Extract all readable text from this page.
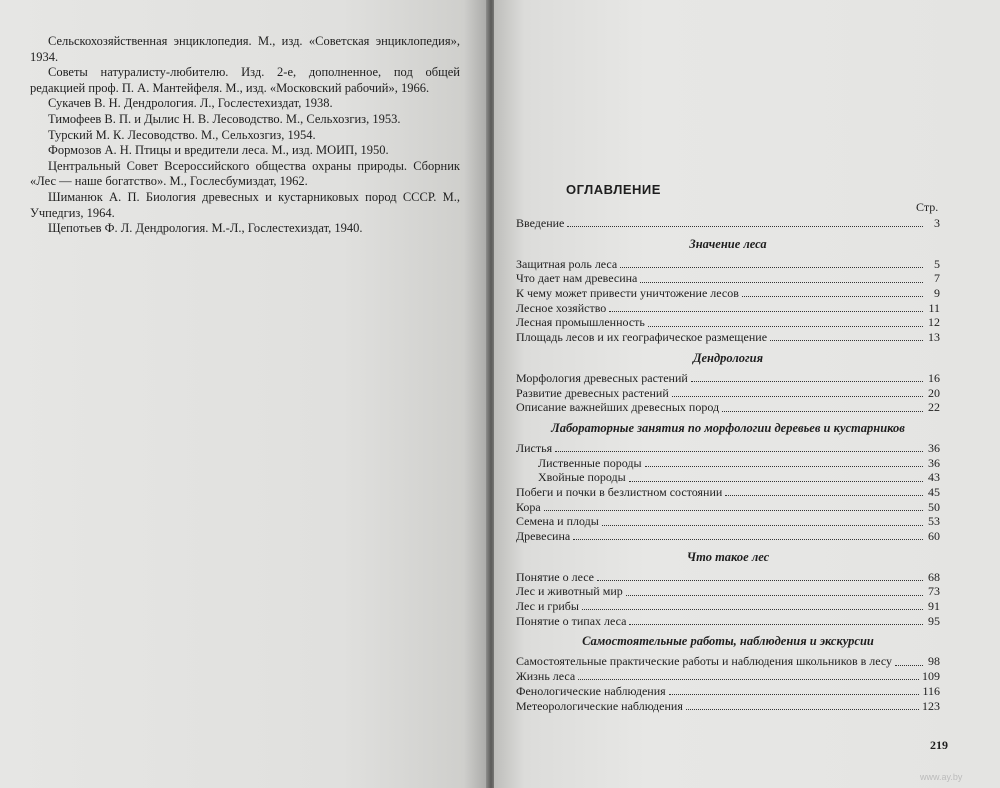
Сельскохозяйственная энциклопедия. М., изд. «Советская энциклопедия», 1934.

Советы натуралисту-любителю. Изд. 2-е, дополненное, под общей редакцией проф. П. А. Мантейфеля. М., изд. «Московский рабочий», 1966.

Сукачев В. Н. Дендрология. Л., Гослестехиздат, 1938.

Тимофеев В. П. и Дылис Н. В. Лесоводство. М., Сельхозгиз, 1953.

Турский М. К. Лесоводство. М., Сельхозгиз, 1954.

Формозов А. Н. Птицы и вредители леса. М., изд. МОИП, 1950.

Центральный Совет Всероссийского общества охраны природы. Сборник «Лес — наше богатство». М., Гослесбумиздат, 1962.

Шиманюк А. П. Биология древесных и кустарниковых пород СССР. М., Учпедгиз, 1964.

Щепотьев Ф. Л. Дендрология. М.-Л., Гослестехиздат, 1940.

ОГЛАВЛЕНИЕ
Стр.
Введение	3
Значение леса
Защитная роль леса	5
Что дает нам древесина	7
К чему может привести уничтожение лесов	9
Лесное хозяйство	11
Лесная промышленность	12
Площадь лесов и их географическое размещение	13
Дендрология
Морфология древесных растений	16
Развитие древесных растений	20
Описание важнейших древесных пород	22
Лабораторные занятия по морфологии деревьев и кустарников
Листья	36
Лиственные породы	36
Хвойные породы	43
Побеги и почки в безлистном состоянии	45
Кора	50
Семена и плоды	53
Древесина	60
Что такое лес
Понятие о лесе	68
Лес и животный мир	73
Лес и грибы	91
Понятие о типах леса	95
Самостоятельные работы, наблюдения и экскурсии
Самостоятельные практические работы и наблюдения школьников в лесу	98
Жизнь леса	109
Фенологические наблюдения	116
Метеорологические наблюдения	123
219
www.ay.by
